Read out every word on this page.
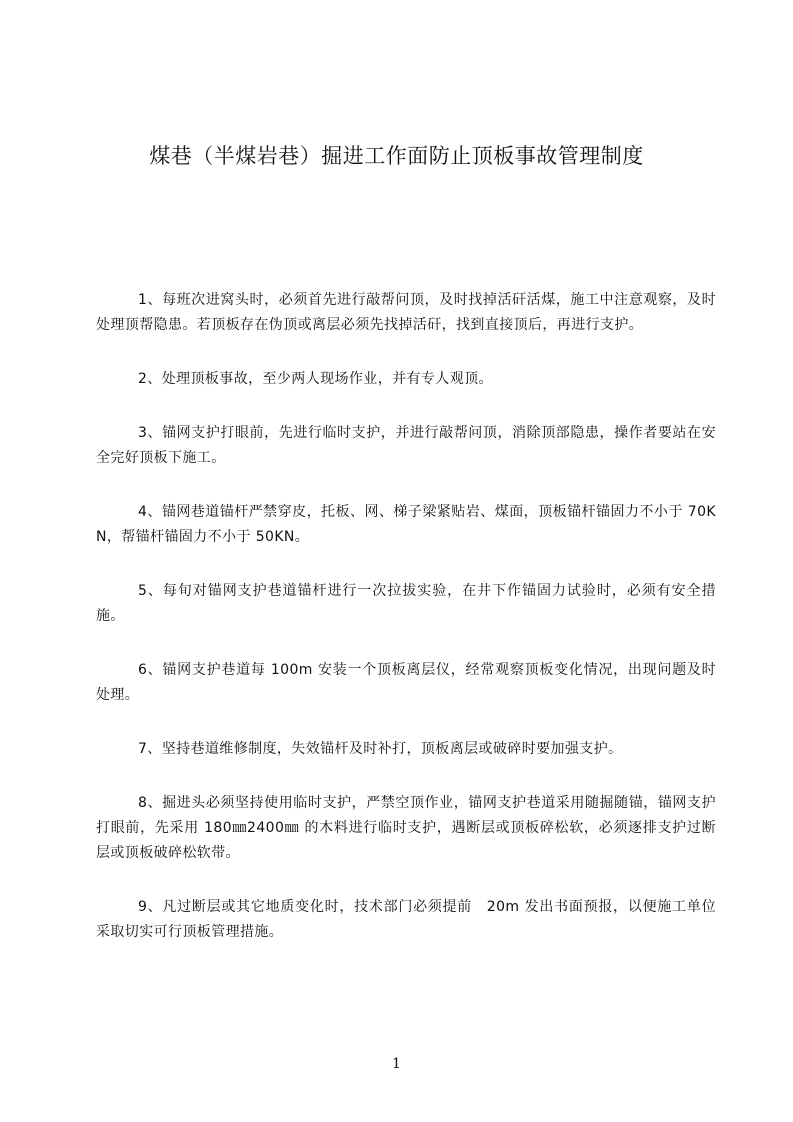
煤巷（半煤岩巷）掘进工作面防止顶板事故管理制度

1、每班次进窝头时，必须首先进行敲帮问顶，及时找掉活矸活煤，施工中注意观察，及时处理顶帮隐患。若顶板存在伪顶或离层必须先找掉活矸，找到直接顶后，再进行支护。

2、处理顶板事故，至少两人现场作业，并有专人观顶。

3、锚网支护打眼前，先进行临时支护，并进行敲帮问顶，消除顶部隐患，操作者要站在安全完好顶板下施工。

4、锚网巷道锚杆严禁穿皮，托板、网、梯子梁紧贴岩、煤面，顶板锚杆锚固力不小于 70KN，帮锚杆锚固力不小于 50KN。

5、每旬对锚网支护巷道锚杆进行一次拉拔实验，在井下作锚固力试验时，必须有安全措施。

6、锚网支护巷道每 100m 安装一个顶板离层仪，经常观察顶板变化情况，出现问题及时处理。

7、坚持巷道维修制度，失效锚杆及时补打，顶板离层或破碎时要加强支护。

8、掘进头必须坚持使用临时支护，严禁空顶作业，锚网支护巷道采用随掘随锚，锚网支护打眼前，先采用 180㎜2400㎜ 的木料进行临时支护，遇断层或顶板碎松软，必须逐排支护过断层或顶板破碎松软带。

9、凡过断层或其它地质变化时，技术部门必须提前　20m 发出书面预报，以便施工单位采取切实可行顶板管理措施。

1
